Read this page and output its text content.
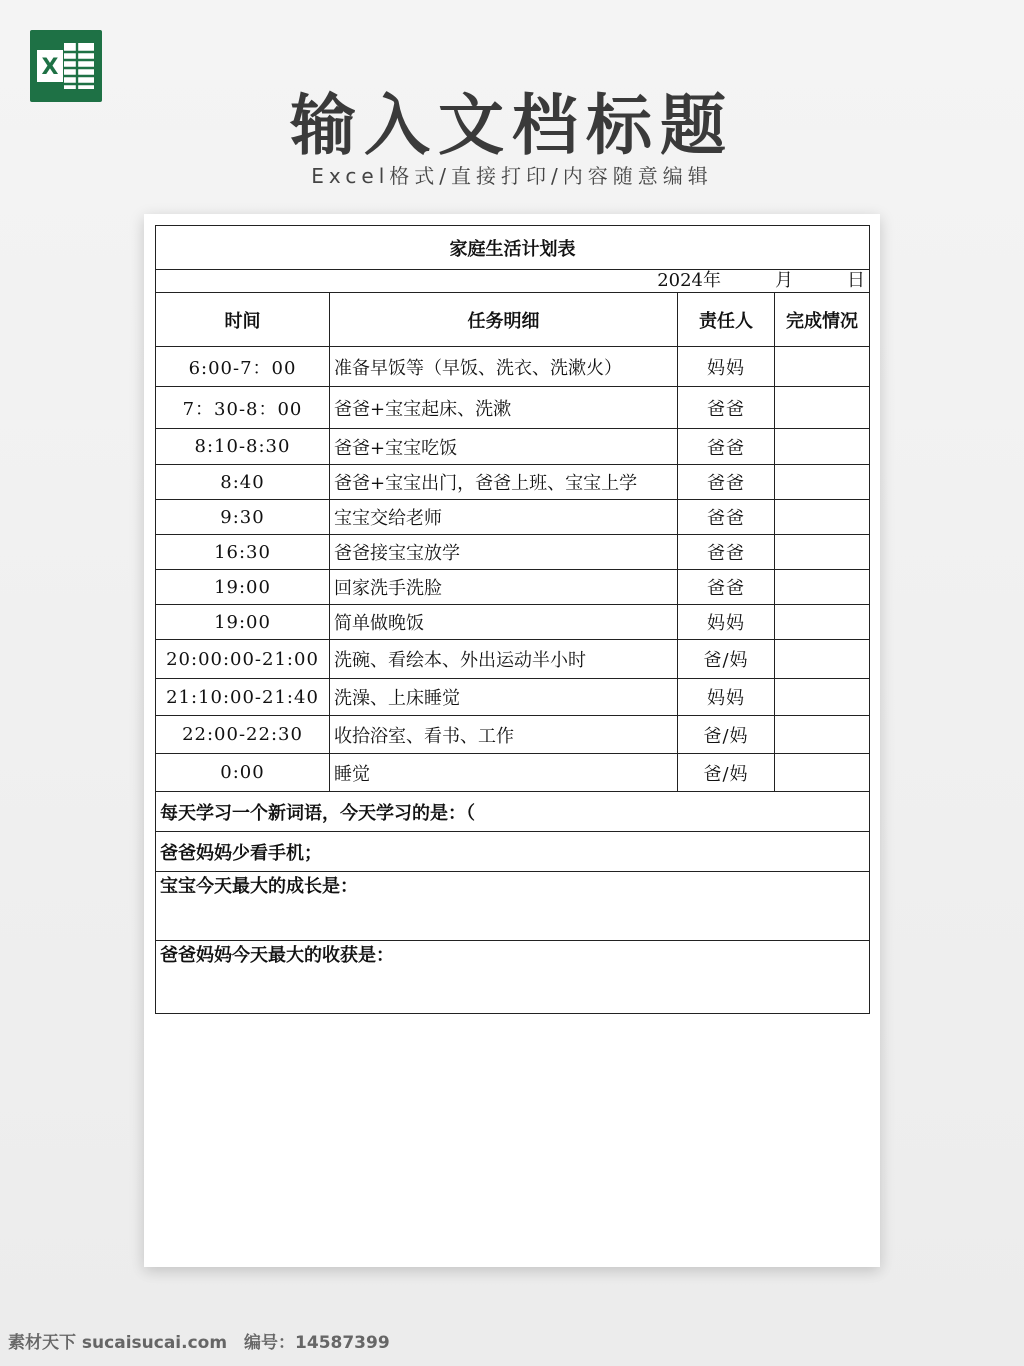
X
输入文档标题
Excel格式/直接打印/内容随意编辑
家庭生活计划表			
2024年　　　月　　　日			
时间	任务明细	责任人	完成情况
6:00-7：00	准备早饭等（早饭、洗衣、洗漱火）	妈妈	
7：30-8：00	爸爸+宝宝起床、洗漱	爸爸	
8:10-8:30	爸爸+宝宝吃饭	爸爸	
8:40	爸爸+宝宝出门，爸爸上班、宝宝上学	爸爸	
9:30	宝宝交给老师	爸爸	
16:30	爸爸接宝宝放学	爸爸	
19:00	回家洗手洗脸	爸爸	
19:00	简单做晚饭	妈妈	
20:00:00-21:00	洗碗、看绘本、外出运动半小时	爸/妈	
21:10:00-21:40	洗澡、上床睡觉	妈妈	
22:00-22:30	收拾浴室、看书、工作	爸/妈	
0:00	睡觉	爸/妈	
每天学习一个新词语，今天学习的是：（			
爸爸妈妈少看手机；			
宝宝今天最大的成长是：			
爸爸妈妈今天最大的收获是：			
素材天下 sucaisucai.com　编号：14587399
